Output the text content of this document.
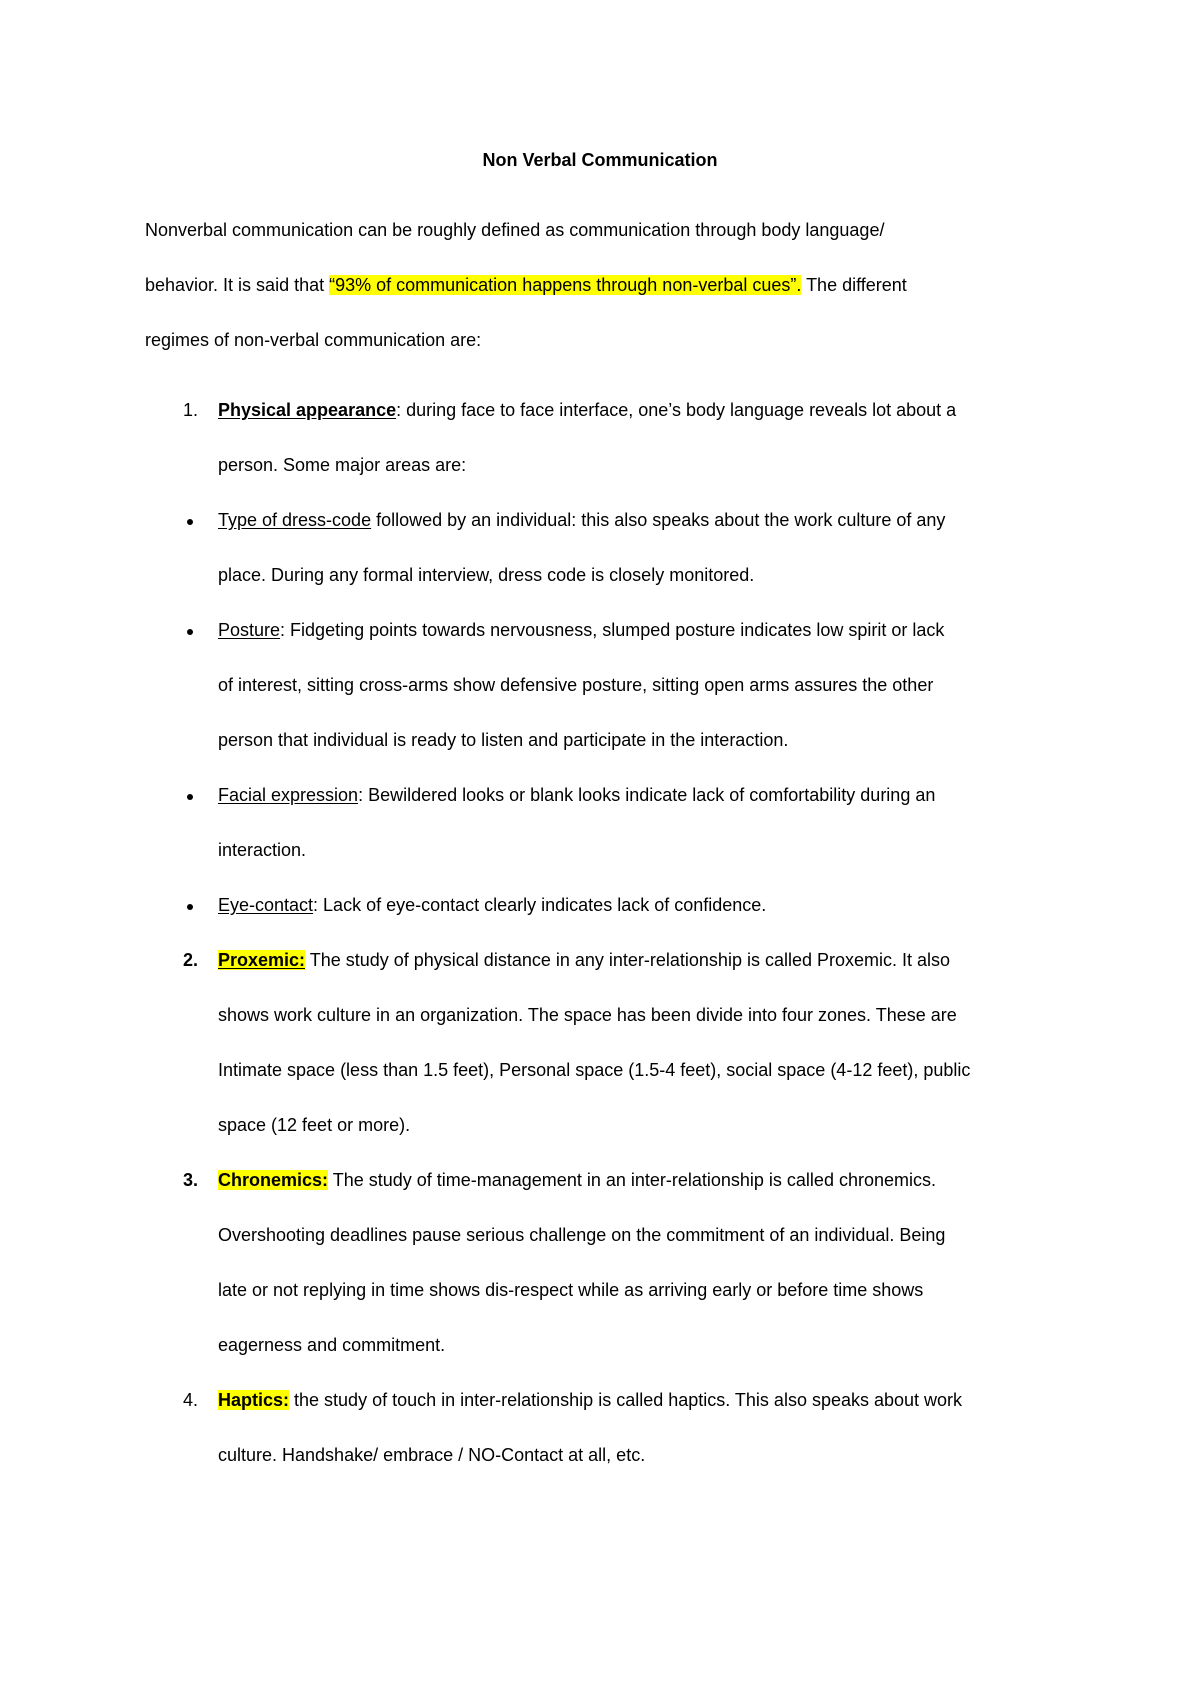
Non Verbal Communication
Nonverbal communication can be roughly defined as communication through body language/
behavior. It is said that “93% of communication happens through non-verbal cues”. The different
regimes of non-verbal communication are:
1. Physical appearance: during face to face interface, one’s body language reveals lot about a
person. Some major areas are:
Type of dress-code followed by an individual: this also speaks about the work culture of any
place. During any formal interview, dress code is closely monitored.
Posture: Fidgeting points towards nervousness, slumped posture indicates low spirit or lack
of interest, sitting cross-arms show defensive posture, sitting open arms assures the other
person that individual is ready to listen and participate in the interaction.
Facial expression: Bewildered looks or blank looks indicate lack of comfortability during an
interaction.
Eye-contact: Lack of eye-contact clearly indicates lack of confidence.
2. Proxemic: The study of physical distance in any inter-relationship is called Proxemic. It also
shows work culture in an organization. The space has been divide into four zones. These are
Intimate space (less than 1.5 feet), Personal space (1.5-4 feet), social space (4-12 feet), public
space (12 feet or more).
3. Chronemics: The study of time-management in an inter-relationship is called chronemics.
Overshooting deadlines pause serious challenge on the commitment of an individual. Being
late or not replying in time shows dis-respect while as arriving early or before time shows
eagerness and commitment.
4. Haptics: the study of touch in inter-relationship is called haptics. This also speaks about work
culture. Handshake/ embrace / NO-Contact at all, etc.
